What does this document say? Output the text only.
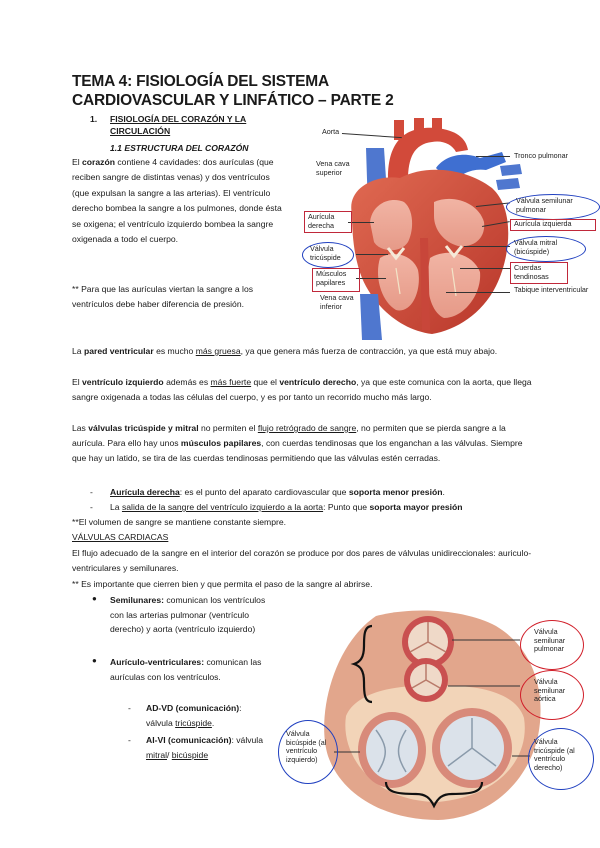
TEMA 4: FISIOLOGÍA DEL SISTEMA CARDIOVASCULAR Y LINFÁTICO – PARTE 2
1. FISIOLOGÍA DEL CORAZÓN Y LA CIRCULACIÓN
1.1 ESTRUCTURA DEL CORAZÓN
El corazón contiene 4 cavidades: dos aurículas (que reciben sangre de distintas venas) y dos ventrículos (que expulsan la sangre a las arterias). El ventrículo derecho bombea la sangre a los pulmones, donde ésta se oxigena; el ventrículo izquierdo bombea la sangre oxigenada a todo el cuerpo.
** Para que las aurículas viertan la sangre a los ventrículos debe haber diferencia de presión.
Aorta
Vena cava superior
Tronco pulmonar
Aurícula derecha
Válvula semilunar pulmonar
Aurícula izquierda
Válvula tricúspide
Válvula mitral (bicúspide)
Músculos papilares
Cuerdas tendinosas
Vena cava inferior
Tabique interventricular
La pared ventricular es mucho más gruesa, ya que genera más fuerza de contracción, ya que está muy abajo.
El ventrículo izquierdo además es más fuerte que el ventrículo derecho, ya que este comunica con la aorta, que llega sangre oxigenada a todas las células del cuerpo, y es por tanto un recorrido mucho más largo.
Las válvulas tricúspide y mitral no permiten el flujo retrógrado de sangre, no permiten que se pierda sangre a la aurícula. Para ello hay unos músculos papilares, con cuerdas tendinosas que los enganchan a las válvulas. Siempre que hay un latido, se tira de las cuerdas tendinosas permitiendo que las válvulas estén cerradas.
- Aurícula derecha: es el punto del aparato cardiovascular que soporta menor presión.
- La salida de la sangre del ventrículo izquierdo a la aorta: Punto que soporta mayor presión
**El volumen de sangre se mantiene constante siempre.
VÁLVULAS CARDIACAS
El flujo adecuado de la sangre en el interior del corazón se produce por dos pares de válvulas unidireccionales: auriculo-ventriculares y semilunares.
** Es importante que cierren bien y que permita el paso de la sangre al abrirse.
● Semilunares: comunican los ventrículos con las arterias pulmonar (ventrículo derecho) y aorta (ventrículo izquierdo)
● Aurículo-ventriculares: comunican las aurículas con los ventrículos.
- AD-VD (comunicación): válvula tricúspide.
- AI-VI (comunicación): válvula mitral/ bicúspide
Válvula semilunar pulmonar
Válvula semilunar aórtica
Válvula bicúspide (al ventrículo izquierdo)
Válvula tricúspide (al ventrículo derecho)
